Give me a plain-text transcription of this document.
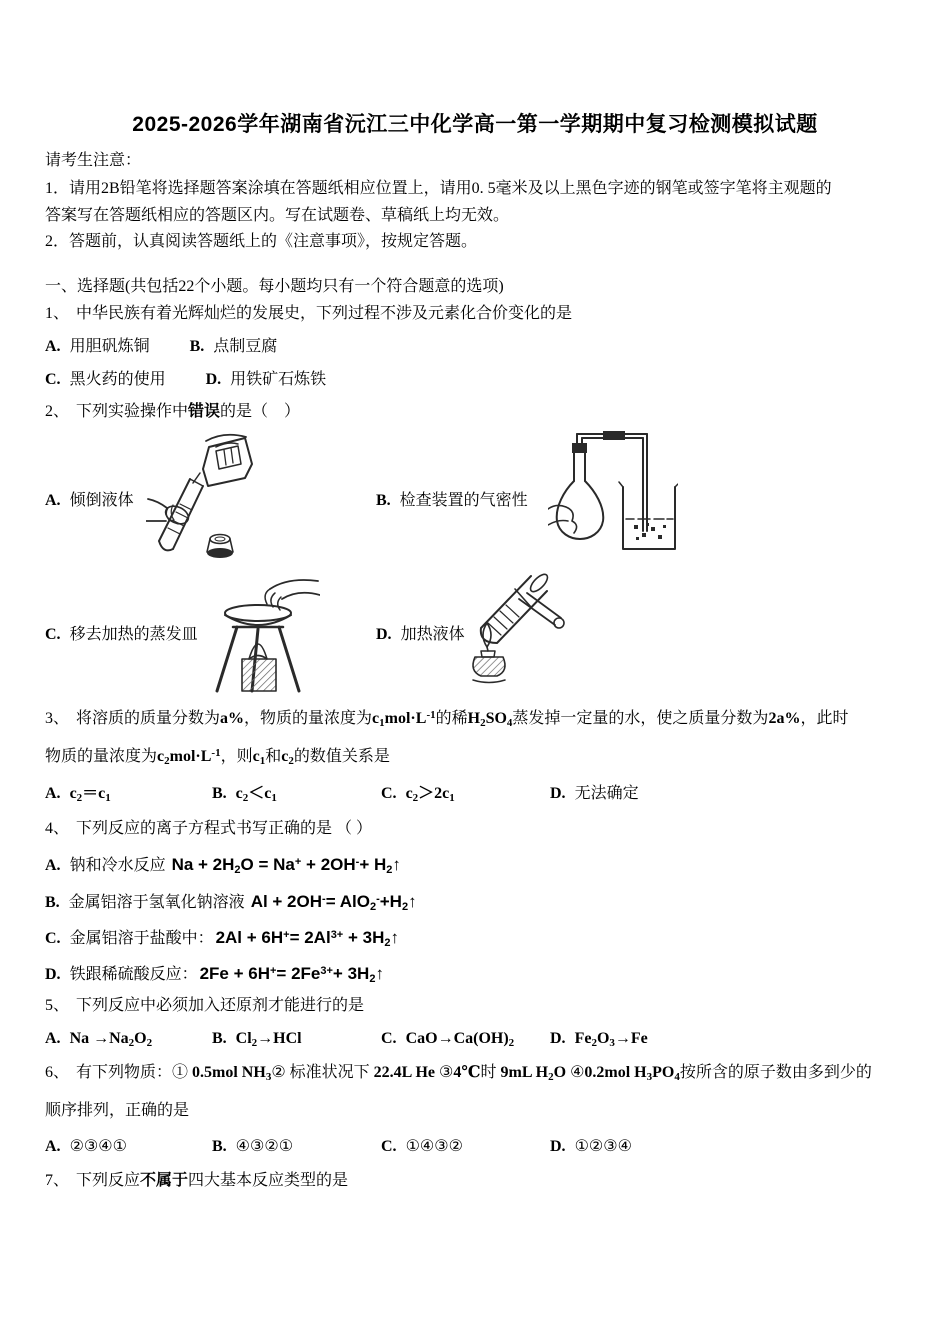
2025-2026学年湖南省沅江三中化学高一第一学期期中复习检测模拟试题
请考生注意：
1．请用2B铅笔将选择题答案涂填在答题纸相应位置上，请用0. 5毫米及以上黑色字迹的钢笔或签字笔将主观题的
答案写在答题纸相应的答题区内。写在试题卷、草稿纸上均无效。
2．答题前，认真阅读答题纸上的《注意事项》，按规定答题。
一、选择题(共包括22个小题。每小题均只有一个符合题意的选项)
1、 中华民族有着光辉灿烂的发展史，下列过程不涉及元素化合价变化的是
A. 用胆矾炼铜	B. 点制豆腐
C. 黑火药的使用	D. 用铁矿石炼铁
2、 下列实验操作中错误的是（　）
A. 倾倒液体	B. 检查装置的气密性
C. 移去加热的蒸发皿	D. 加热液体
3、 将溶质的质量分数为a%，物质的量浓度为$c_1mol\cdot L^{-1}$的稀$H_2SO_4$蒸发掉一定量的水，使之质量分数为2a%，此时
物质的量浓度为$c_2mol\cdot L^{-1}$，则$c_1$和$c_2$的数值关系是
A. $c_2=c_1$	B. $c_2<c_1$	C. $c_2>2c_1$	D. 无法确定
4、 下列反应的离子方程式书写正确的是 （ ）
A. 钠和冷水反应 $Na + 2H_2O = Na^+ + 2OH^-+$ $H_2↑$
B. 金属铝溶于氢氧化钠溶液 $Al + 2OH^-= AlO_2^-+H_2↑$
C. 金属铝溶于盐酸中： $2Al + 6H^+= 2Al^{3+}$ + $3H_2↑$
D. 铁跟稀硫酸反应： $2Fe + 6H^+= 2Fe^{3+}+$ $3H_2↑$
5、 下列反应中必须加入还原剂才能进行的是
A. $Na \to Na_2O_2$	B. $Cl_2\to HCl$	C. $CaO\to Ca(OH)_2$	D. $Fe_2O_3\to Fe$
6、 有下列物质：① 0.5mol $NH_3②$ 标准状况下 22.4L He ③4℃时 9mL $H_2O$ ④0.2mol $H_3PO_4$按所含的原子数由多到少的
顺序排列，正确的是
A. ②③④①	B. ④③②①	C. ①④③②	D. ①②③④
7、 下列反应不属于四大基本反应类型的是
